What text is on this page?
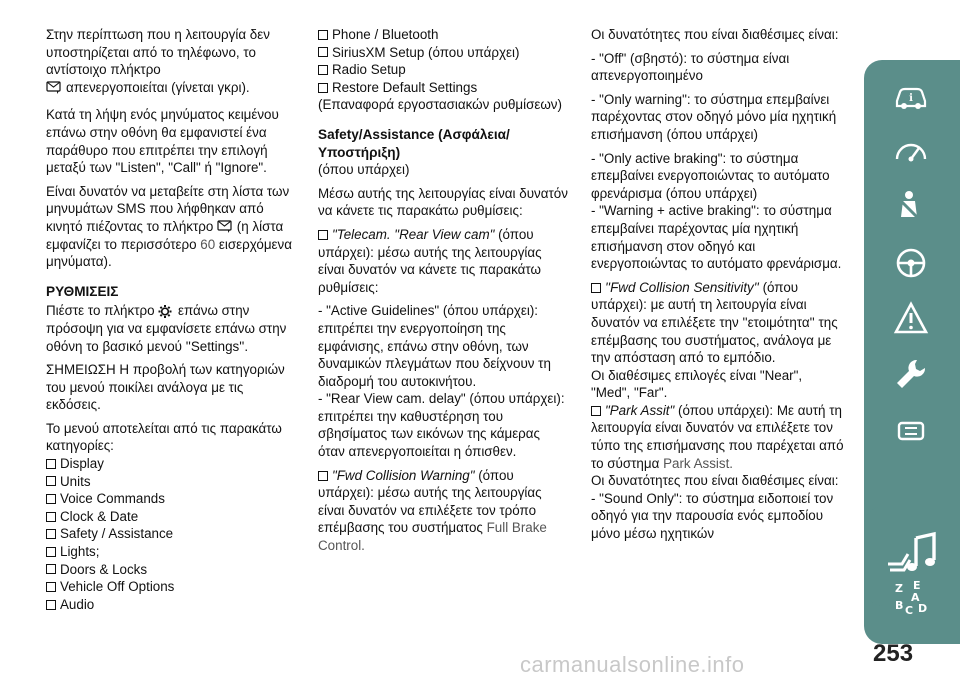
Στην περίπτωση που η λειτουργία δεν υποστηρίζεται από το τηλέφωνο, το αντίστοιχο πλήκτρο

απενεργοποιείται (γίνεται γκρι).

Κατά τη λήψη ενός μηνύματος κειμένου επάνω στην οθόνη θα εμφανιστεί ένα παράθυρο που επιτρέπει την επιλογή μεταξύ των "Listen", "Call" ή "Ignore".

Είναι δυνατόν να μεταβείτε στη λίστα των μηνυμάτων SMS που λήφθηκαν από κινητό πιέζοντας το πλήκτρο (η λίστα εμφανίζει το περισσότερο 60 εισερχόμενα μηνύματα).

ΡΥΘΜΙΣΕΙΣ

Πιέστε το πλήκτρο επάνω στην πρόσοψη για να εμφανίσετε επάνω στην οθόνη το βασικό μενού ''Settings''.

ΣΗΜΕΙΩΣΗ Η προβολή των κατηγοριών του μενού ποικίλει ανάλογα με τις εκδόσεις.

Το μενού αποτελείται από τις παρακάτω κατηγορίες:

Display
Units
Voice Commands
Clock & Date
Safety / Assistance
Lights;
Doors & Locks
Vehicle Off Options
Audio
Phone / Bluetooth
SiriusXM Setup (όπου υπάρχει)
Radio Setup
Restore Default Settings

(Επαναφορά εργοστασιακών ρυθμίσεων)

Safety/Assistance (Ασφάλεια/ Υποστήριξη)

(όπου υπάρχει)

Μέσω αυτής της λειτουργίας είναι δυνατόν να κάνετε τις παρακάτω ρυθμίσεις:

"Telecam. "Rear View cam" (όπου υπάρχει): μέσω αυτής της λειτουργίας είναι δυνατόν να κάνετε τις παρακάτω ρυθμίσεις:

- "Active Guidelines" (όπου υπάρχει): επιτρέπει την ενεργοποίηση της εμφάνισης, επάνω στην οθόνη, των δυναμικών πλεγμάτων που δείχνουν τη διαδρομή του αυτοκινήτου.

- "Rear View cam. delay" (όπου υπάρχει): επιτρέπει την καθυστέρηση του σβησίματος των εικόνων της κάμερας όταν απενεργοποιείται η όπισθεν.

"Fwd Collision Warning" (όπου υπάρχει): μέσω αυτής της λειτουργίας είναι δυνατόν να επιλέξετε τον τρόπο επέμβασης του συστήματος Full Brake Control.

Οι δυνατότητες που είναι διαθέσιμες είναι:

- "Off" (σβηστό): το σύστημα είναι απενεργοποιημένο

- "Only warning": το σύστημα επεμβαίνει παρέχοντας στον οδηγό μόνο μία ηχητική επισήμανση (όπου υπάρχει)

- "Only active braking": το σύστημα επεμβαίνει ενεργοποιώντας το αυτόματο φρενάρισμα (όπου υπάρχει)

- "Warning + active braking": το σύστημα επεμβαίνει παρέχοντας μία ηχητική επισήμανση στον οδηγό και ενεργοποιώντας το αυτόματο φρενάρισμα.

''Fwd Collision Sensitivity'' (όπου υπάρχει): με αυτή τη λειτουργία είναι δυνατόν να επιλέξετε την ''ετοιμότητα'' της επέμβασης του συστήματος, ανάλογα με την απόσταση από το εμπόδιο.

Οι διαθέσιμες επιλογές είναι "Near", "Med", "Far".

"Park Assit" (όπου υπάρχει): Με αυτή τη λειτουργία είναι δυνατόν να επιλέξετε τον τύπο της επισήμανσης που παρέχεται από το σύστημα Park Assist.

Οι δυνατότητες που είναι διαθέσιμες είναι:

- "Sound Only": το σύστημα ειδοποιεί τον οδηγό για την παρουσία ενός εμποδίου μόνο μέσω ηχητικών

i
Z E
B C D
A
253
carmanualsonline.info
